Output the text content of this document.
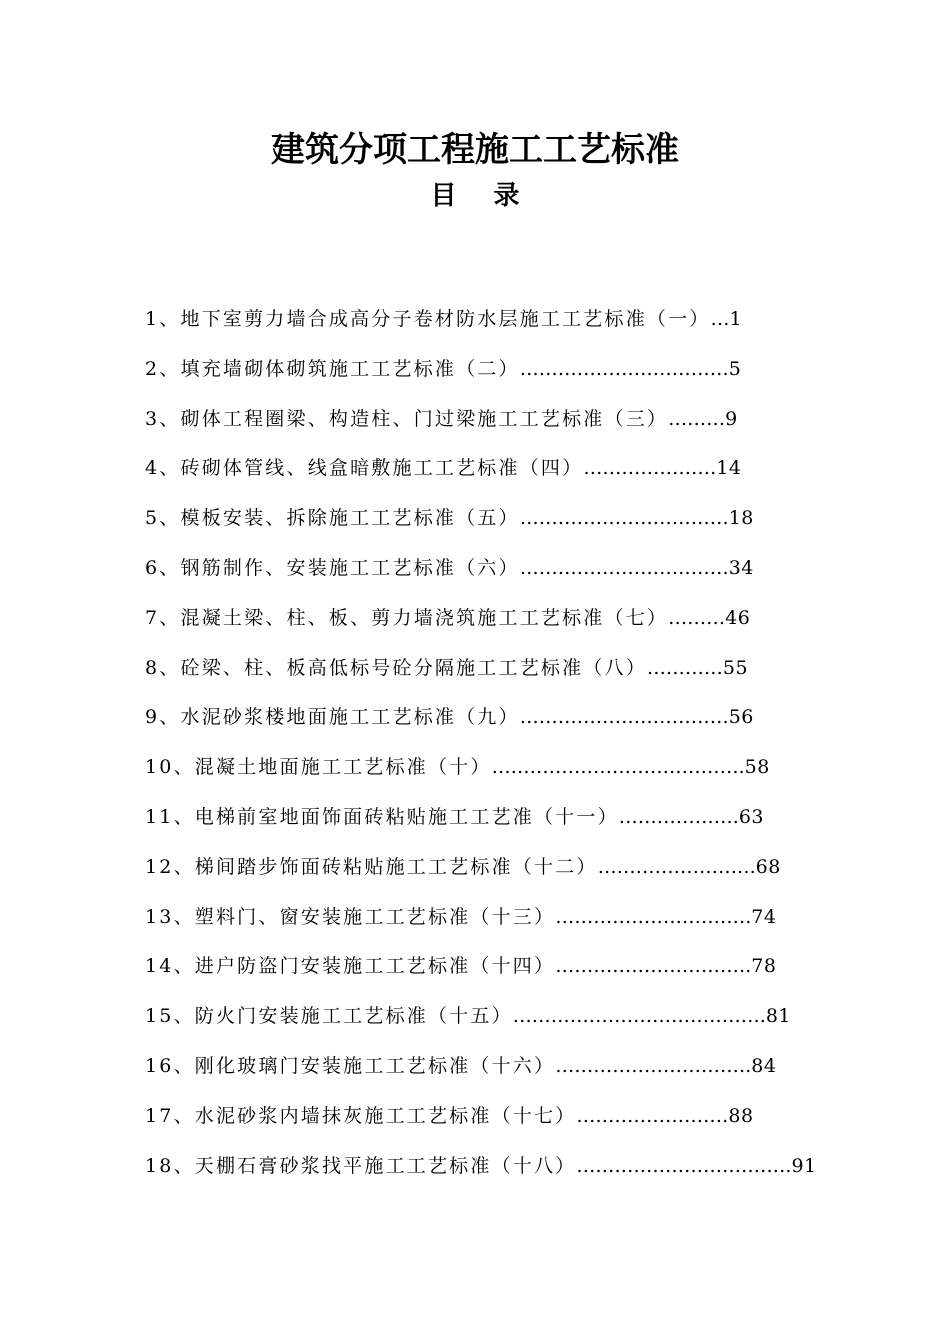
建筑分项工程施工工艺标准
目 录
1、地下室剪力墙合成高分子卷材防水层施工工艺标准（一）…1
2、填充墙砌体砌筑施工工艺标准（二）……………………………5
3、砌体工程圈梁、构造柱、门过梁施工工艺标准（三）………9
4、砖砌体管线、线盒暗敷施工工艺标准（四）…………………14
5、模板安装、拆除施工工艺标准（五）……………………………18
6、钢筋制作、安装施工工艺标准（六）……………………………34
7、混凝土梁、柱、板、剪力墙浇筑施工工艺标准（七）………46
8、砼梁、柱、板高低标号砼分隔施工工艺标准（八）…………55
9、水泥砂浆楼地面施工工艺标准（九）……………………………56
10、混凝土地面施工工艺标准（十）………………………………….58
11、电梯前室地面饰面砖粘贴施工工艺准（十一）……………….63
12、梯间踏步饰面砖粘贴施工工艺标准（十二）…………………….68
13、塑料门、窗安装施工工艺标准（十三）………………………….74
14、进户防盗门安装施工工艺标准（十四）………………………….78
15、防火门安装施工工艺标准（十五）………………………………….81
16、刚化玻璃门安装施工工艺标准（十六）………………………….84
17、水泥砂浆内墙抹灰施工工艺标准（十七）……………………88
18、天棚石膏砂浆找平施工工艺标准（十八）…………………………….91
